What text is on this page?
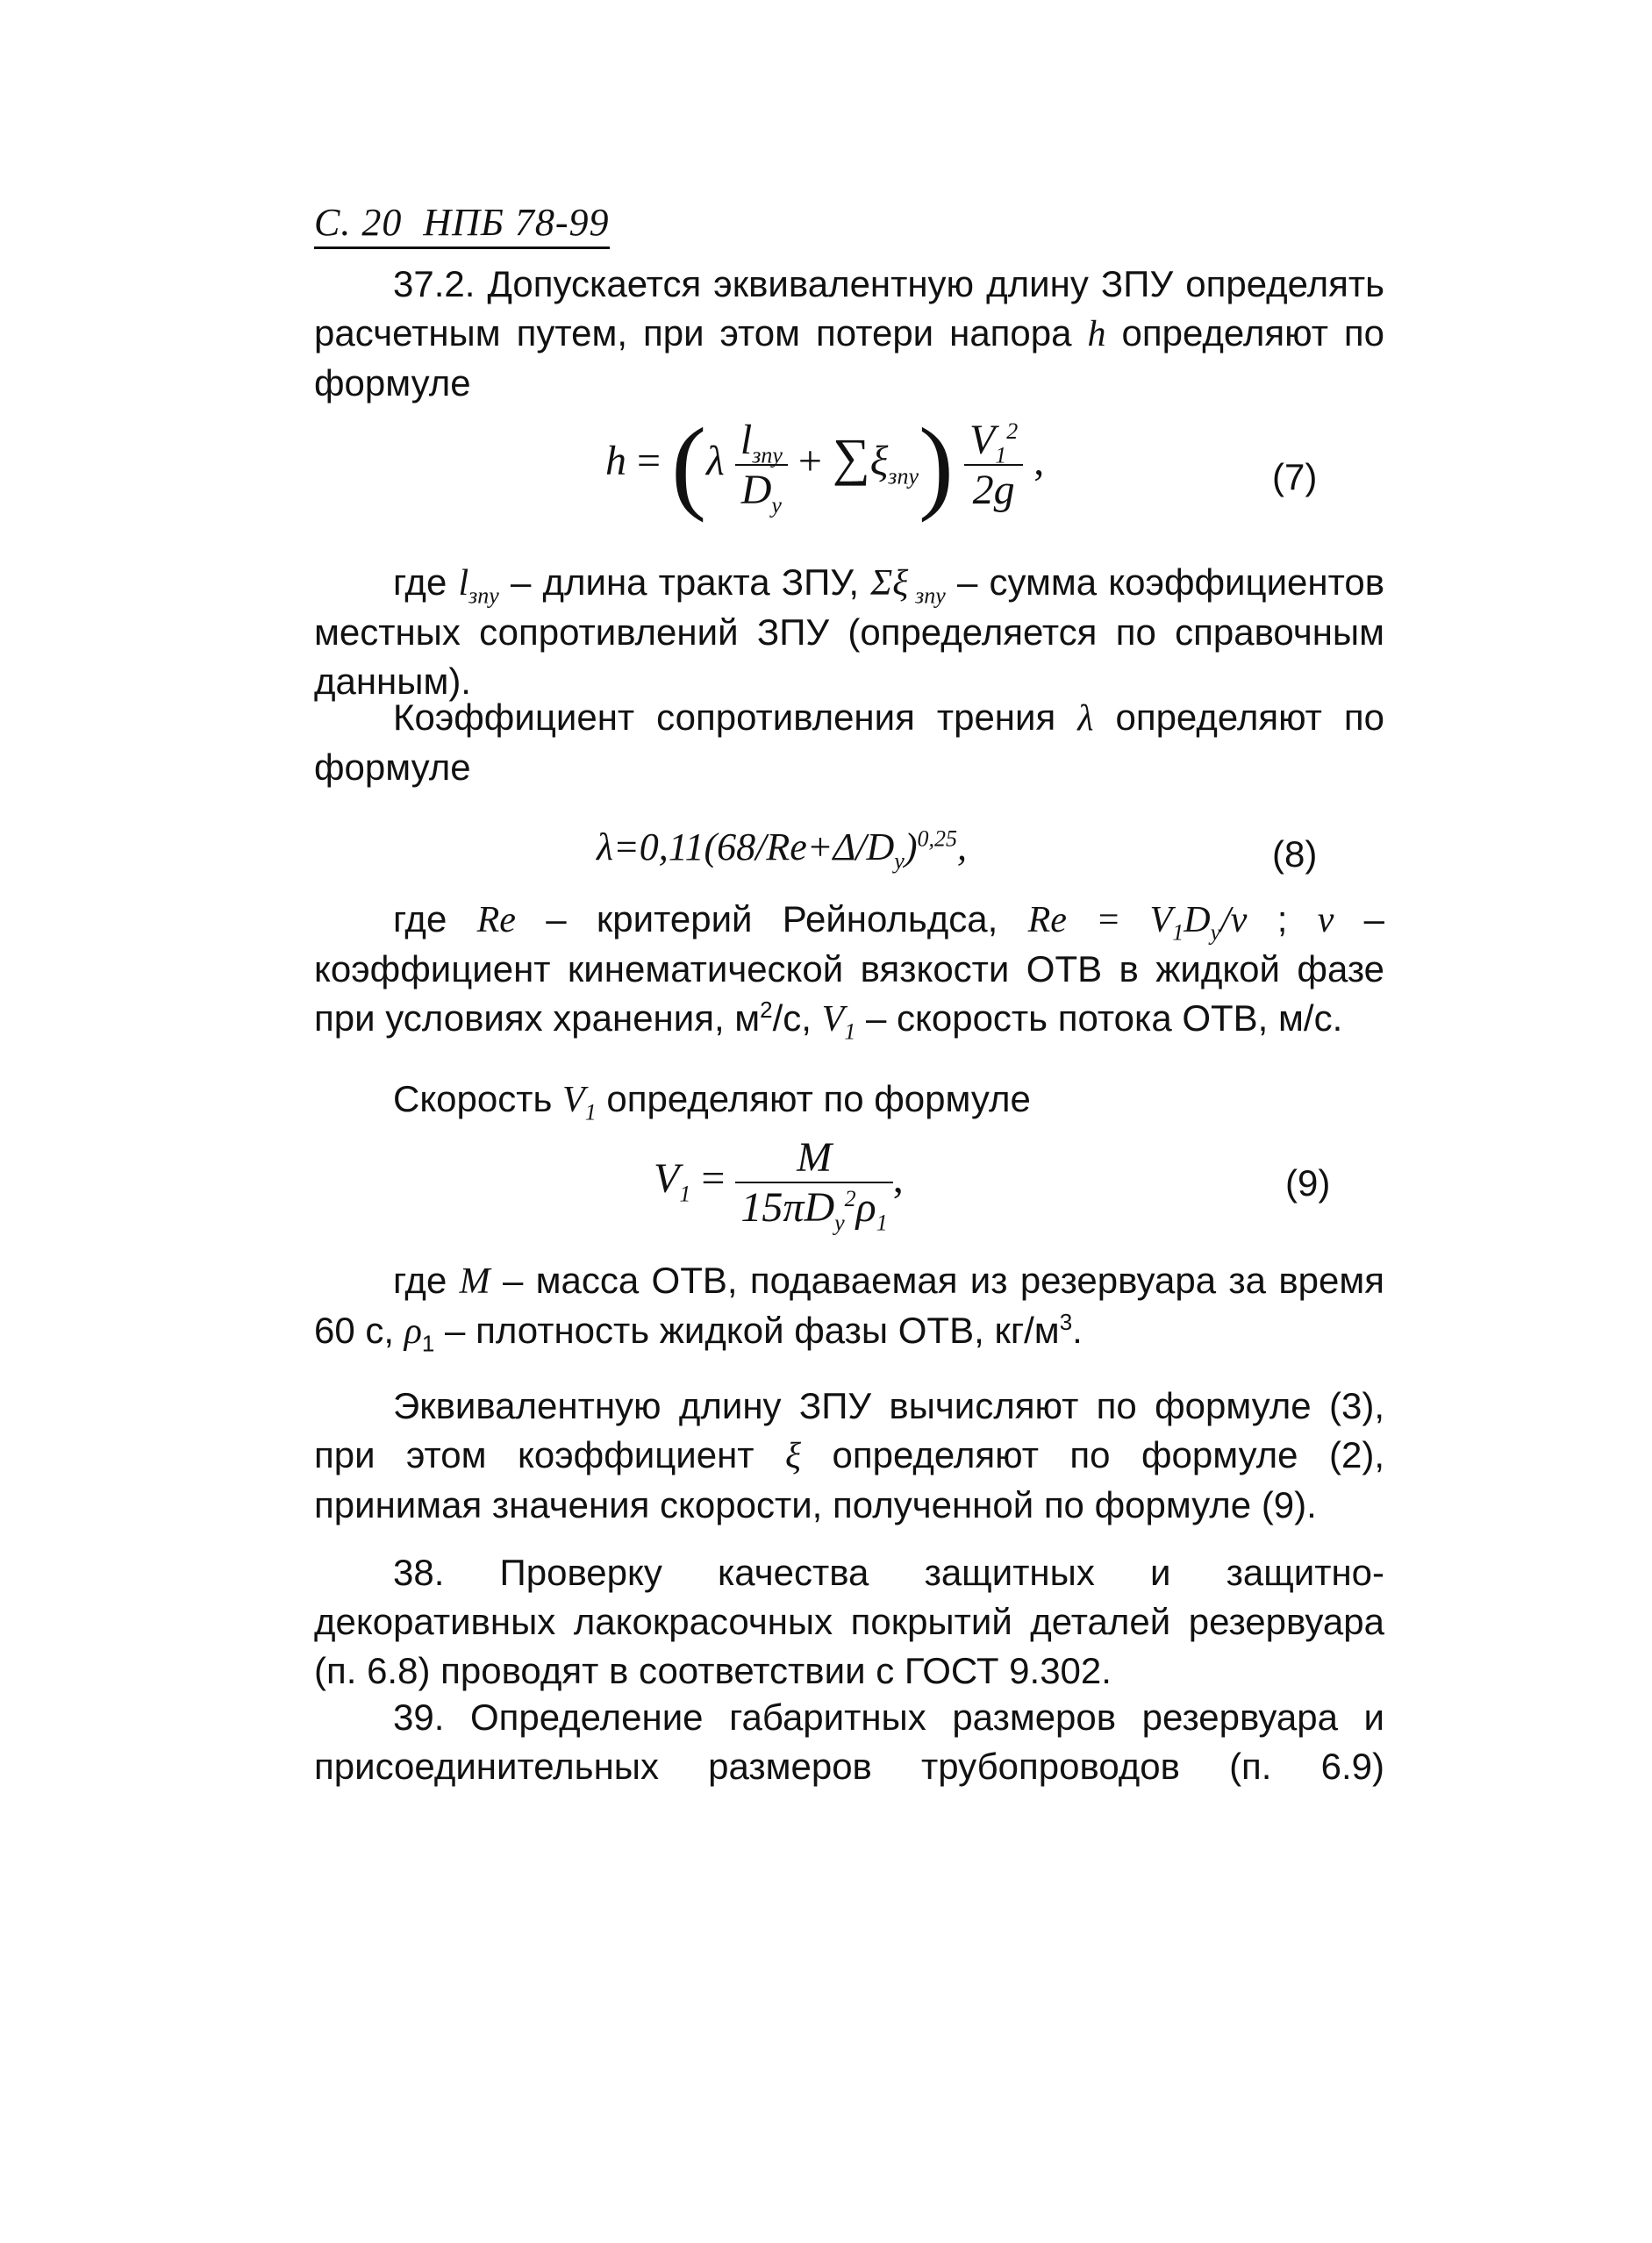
С. 20  НПБ 78-99
37.2. Допускается эквивалентную длину ЗПУ определять расчетным путем, при этом потери напора h определяют по формуле
$h = (\lambda \frac{l_{зпу}}{D_у} + \sum\xi_{зпу}) \frac{V_1^2}{2g}$ ,	(7)
где $l_{зпу}$ – длина тракта ЗПУ, Σξ $_{зпу}$ – сумма коэффициентов местных сопротивлений ЗПУ (определяется по справочным данным).
Коэффициент сопротивления трения λ определяют по формуле
$\lambda=0,11(68/Re+\Delta/D_у)^{0,25}$,	(8)
где Re – критерий Рейнольдса, $Re = V_1D_у/\nu$ ; ν – коэффициент кинематической вязкости ОТВ в жидкой фазе при условиях хранения, $м^2/с$, $V_1$ – скорость потока ОТВ, м/с.
Скорость $V_1$ определяют по формуле
$V_1 = \frac{M}{15\pi D_у^2\rho_1}$ ,	(9)
где M – масса ОТВ, подаваемая из резервуара за время 60 с, $\rho_1$ – плотность жидкой фазы ОТВ, $кг/м^3$.
Эквивалентную длину ЗПУ вычисляют по формуле (3), при этом коэффициент ξ определяют по формуле (2), принимая значения скорости, полученной по формуле (9).
38. Проверку качества защитных и защитно-декоративных лакокрасочных покрытий деталей резервуара (п. 6.8) проводят в соответствии с ГОСТ 9.302.
39. Определение габаритных размеров резервуара и присоединительных размеров трубопроводов (п. 6.9)
